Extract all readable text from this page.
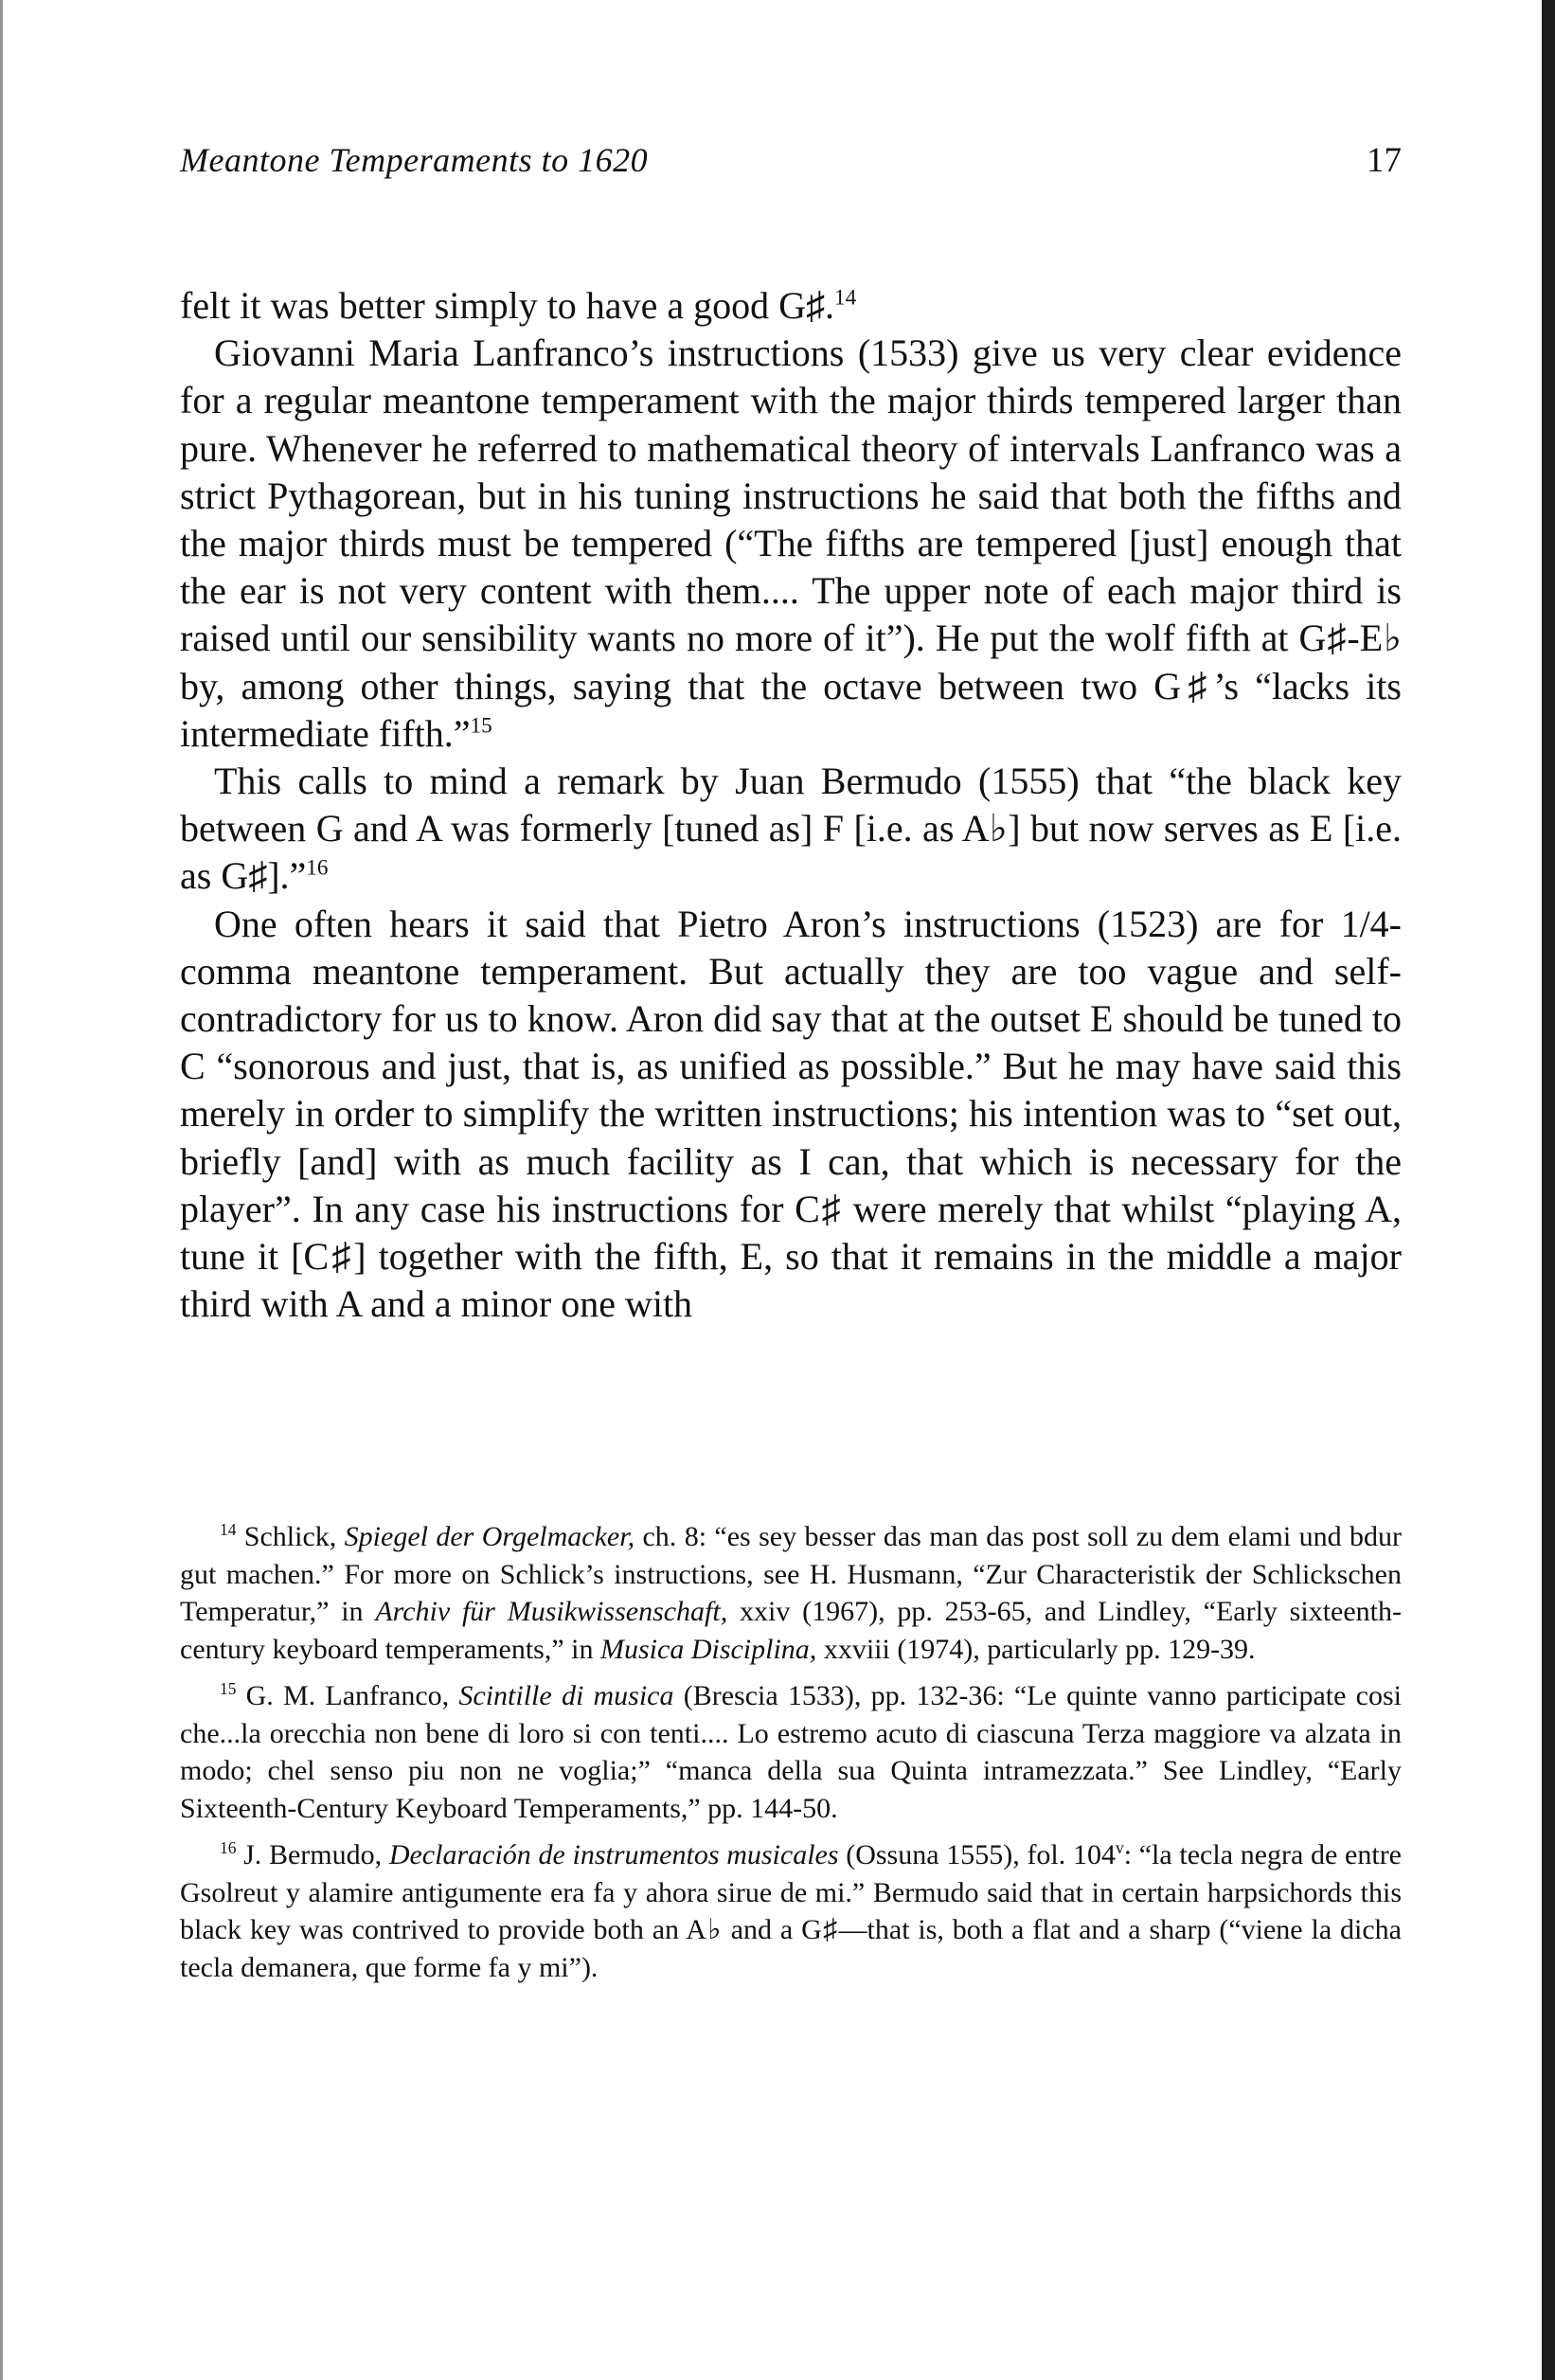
Meantone Temperaments to 1620	17

felt it was better simply to have a good G♯.$^{14}$

Giovanni Maria Lanfranco’s instructions (1533) give us very clear evidence for a regular meantone temperament with the major thirds tempered larger than pure. Whenever he referred to mathematical theory of intervals Lanfranco was a strict Pythagorean, but in his tuning instructions he said that both the fifths and the major thirds must be tempered (“The fifths are tempered [just] enough that the ear is not very content with them.... The upper note of each major third is raised until our sensibility wants no more of it”). He put the wolf fifth at G♯-E♭ by, among other things, saying that the octave between two G♯’s “lacks its intermediate fifth.”$^{15}$

This calls to mind a remark by Juan Bermudo (1555) that “the black key between G and A was formerly [tuned as] F [i.e. as A♭] but now serves as E [i.e. as G♯].”$^{16}$

One often hears it said that Pietro Aron’s instructions (1523) are for 1/4-comma meantone temperament. But actually they are too vague and self-contradictory for us to know. Aron did say that at the outset E should be tuned to C “sonorous and just, that is, as unified as possible.” But he may have said this merely in order to simplify the written instructions; his intention was to “set out, briefly [and] with as much facility as I can, that which is necessary for the player”. In any case his instructions for C♯ were merely that whilst “playing A, tune it [C♯] together with the fifth, E, so that it remains in the middle a major third with A and a minor one with

$^{14}$ Schlick, Spiegel der Orgelmacker, ch. 8: “es sey besser das man das post soll zu dem elami und bdur gut machen.” For more on Schlick’s instructions, see H. Husmann, “Zur Characteristik der Schlickschen Temperatur,” in Archiv für Musikwissenschaft, xxiv (1967), pp. 253-65, and Lindley, “Early sixteenth-century keyboard temperaments,” in Musica Disciplina, xxviii (1974), particularly pp. 129-39.

$^{15}$ G. M. Lanfranco, Scintille di musica (Brescia 1533), pp. 132-36: “Le quinte vanno participate cosi che...la orecchia non bene di loro si con tenti.... Lo estremo acuto di ciascuna Terza maggiore va alzata in modo; chel senso piu non ne voglia;” “manca della sua Quinta intramezzata.” See Lindley, “Early Sixteenth-Century Keyboard Temperaments,” pp. 144-50.

$^{16}$ J. Bermudo, Declaración de instrumentos musicales (Ossuna 1555), fol. 104$^v$: “la tecla negra de entre Gsolreut y alamire antigumente era fa y ahora sirue de mi.” Bermudo said that in certain harpsichords this black key was contrived to provide both an A♭ and a G♯—that is, both a flat and a sharp (“viene la dicha tecla demanera, que forme fa y mi”).
